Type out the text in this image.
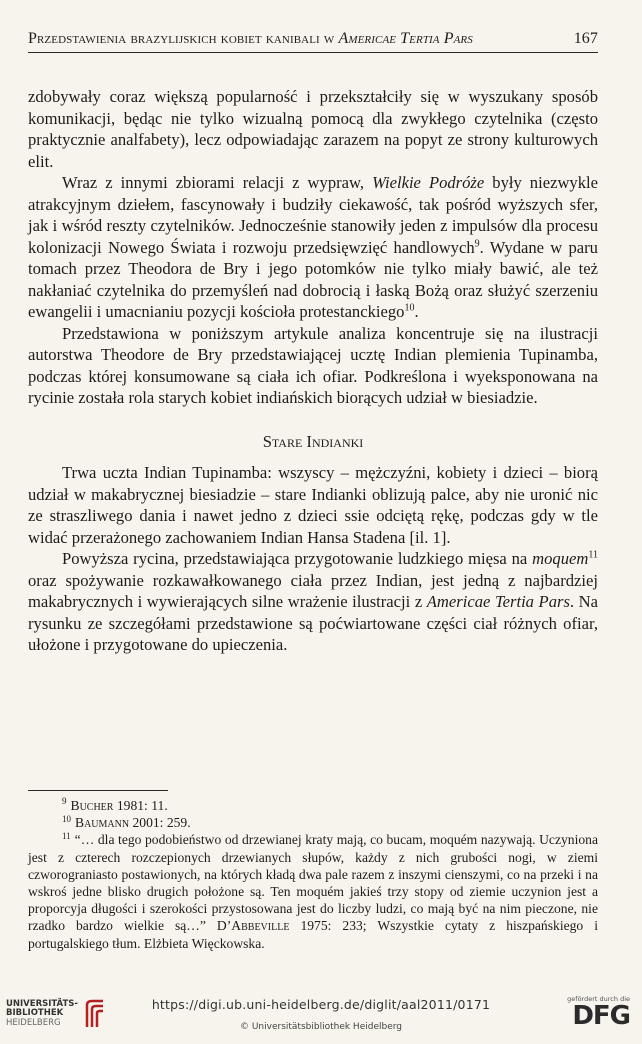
Przedstawienia brazylijskich kobiet kanibali w Americae Tertia Pars	167

zdobywały coraz większą popularność i przekształciły się w wyszukany sposób komunikacji, będąc nie tylko wizualną pomocą dla zwykłego czytelnika (często praktycznie analfabety), lecz odpowiadając zarazem na popyt ze strony kulturowych elit.

Wraz z innymi zbiorami relacji z wypraw, Wielkie Podróże były niezwykle atrakcyjnym dziełem, fascynowały i budziły ciekawość, tak pośród wyższych sfer, jak i wśród reszty czytelników. Jednocześnie stanowiły jeden z impulsów dla procesu kolonizacji Nowego Świata i rozwoju przedsięwzięć handlowych$^9$. Wydane w paru tomach przez Theodora de Bry i jego potomków nie tylko miały bawić, ale też nakłaniać czytelnika do przemyśleń nad dobrocią i łaską Bożą oraz służyć szerzeniu ewangelii i umacnianiu pozycji kościoła protestanckiego$^{10}$.

Przedstawiona w poniższym artykule analiza koncentruje się na ilustracji autorstwa Theodore de Bry przedstawiającej ucztę Indian plemienia Tupinamba, podczas której konsumowane są ciała ich ofiar. Podkreślona i wyeksponowana na rycinie została rola starych kobiet indiańskich biorących udział w biesiadzie.

Stare Indianki

Trwa uczta Indian Tupinamba: wszyscy – mężczyźni, kobiety i dzieci – biorą udział w makabrycznej biesiadzie – stare Indianki oblizują palce, aby nie uronić nic ze straszliwego dania i nawet jedno z dzieci ssie odciętą rękę, podczas gdy w tle widać przerażonego zachowaniem Indian Hansa Stadena [il. 1].

Powyższa rycina, przedstawiająca przygotowanie ludzkiego mięsa na moquem$^{11}$ oraz spożywanie rozkawałkowanego ciała przez Indian, jest jedną z najbardziej makabrycznych i wywierających silne wrażenie ilustracji z Americae Tertia Pars. Na rysunku ze szczegółami przedstawione są poćwiartowane części ciał różnych ofiar, ułożone i przygotowane do upieczenia.

$^9$ Bucher 1981: 11.

$^{10}$ Baumann 2001: 259.

$^{11}$ “… dla tego podobieństwo od drzewianej kraty mają, co bucam, moquém nazywają. Uczyniona jest z czterech rozczepionych drzewianych słupów, każdy z nich grubości nogi, w ziemi czworograniasto postawionych, na których kładą dwa pale razem z inszymi cienszymi, co na przeki i na wskroś jedne blisko drugich położone są. Ten moquém jakieś trzy stopy od ziemie uczynion jest a proporcyja długości i szerokości przystosowana jest do liczby ludzi, co mają być na nim pieczone, nie rzadko bardzo wielkie są…” D’Abbeville 1975: 233; Wszystkie cytaty z hiszpańskiego i portugalskiego tłum. Elżbieta Więckowska.

UNIVERSITÄTS-
BIBLIOTHEK
HEIDELBERG
https://digi.ub.uni-heidelberg.de/diglit/aal2011/0171
© Universitätsbibliothek Heidelberg
gefördert durch die
DFG
